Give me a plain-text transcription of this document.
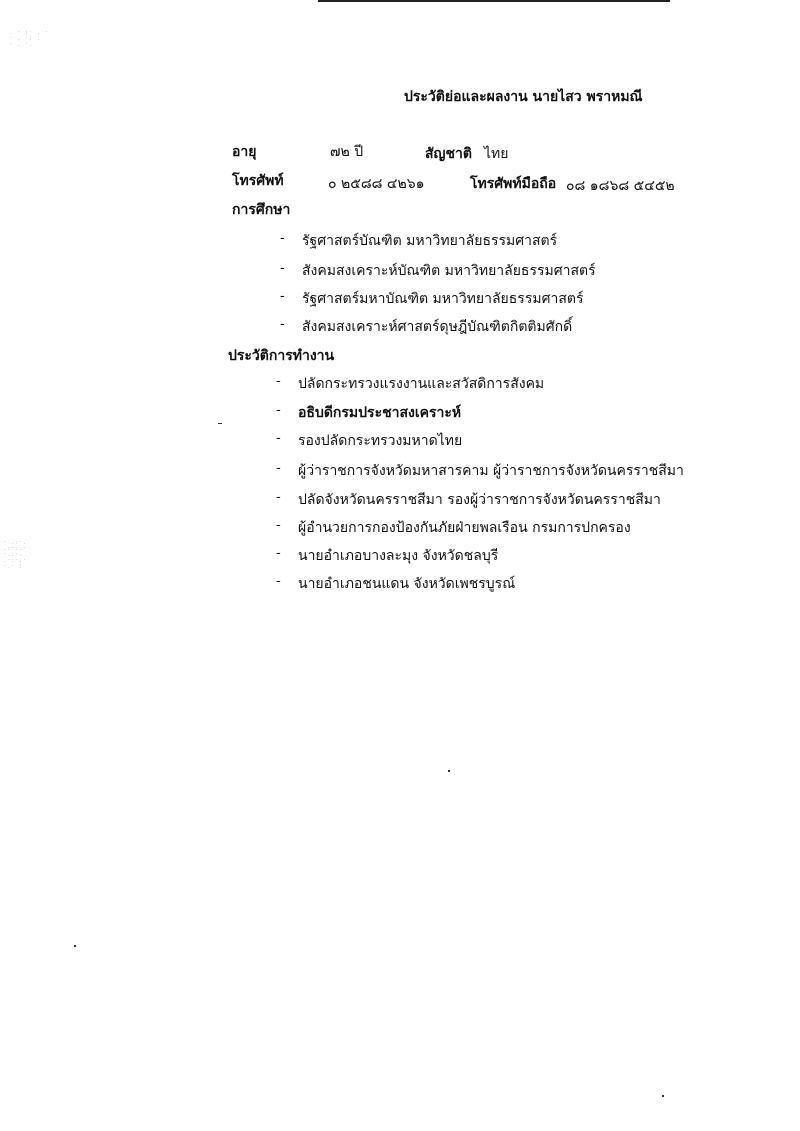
. · :· . ·
· . ·: .
· . ·.
· .:·.
.:·:.·
·.:·.
.·:·.·
·.· :
ประวัติย่อและผลงาน นายไสว พราหมณี
อายุ	๗๒ ปี	สัญชาติ ไทย
โทรศัพท์	๐ ๒๕๘๘ ๔๒๖๑	โทรศัพท์มือถือ ๐๘ ๑๘๖๘ ๕๔๕๒
การศึกษา
- รัฐศาสตร์บัณฑิต มหาวิทยาลัยธรรมศาสตร์
- สังคมสงเคราะห์บัณฑิต มหาวิทยาลัยธรรมศาสตร์
- รัฐศาสตร์มหาบัณฑิต มหาวิทยาลัยธรรมศาสตร์
- สังคมสงเคราะห์ศาสตร์ดุษฎีบัณฑิตกิตติมศักดิ์
ประวัติการทำงาน
- ปลัดกระทรวงแรงงานและสวัสดิการสังคม
- อธิบดีกรมประชาสงเคราะห์
- รองปลัดกระทรวงมหาดไทย
- ผู้ว่าราชการจังหวัดมหาสารคาม ผู้ว่าราชการจังหวัดนครราชสีมา
- ปลัดจังหวัดนครราชสีมา รองผู้ว่าราชการจังหวัดนครราชสีมา
- ผู้อำนวยการกองป้องกันภัยฝ่ายพลเรือน กรมการปกครอง
- นายอำเภอบางละมุง จังหวัดชลบุรี
- นายอำเภอชนแดน จังหวัดเพชรบูรณ์
